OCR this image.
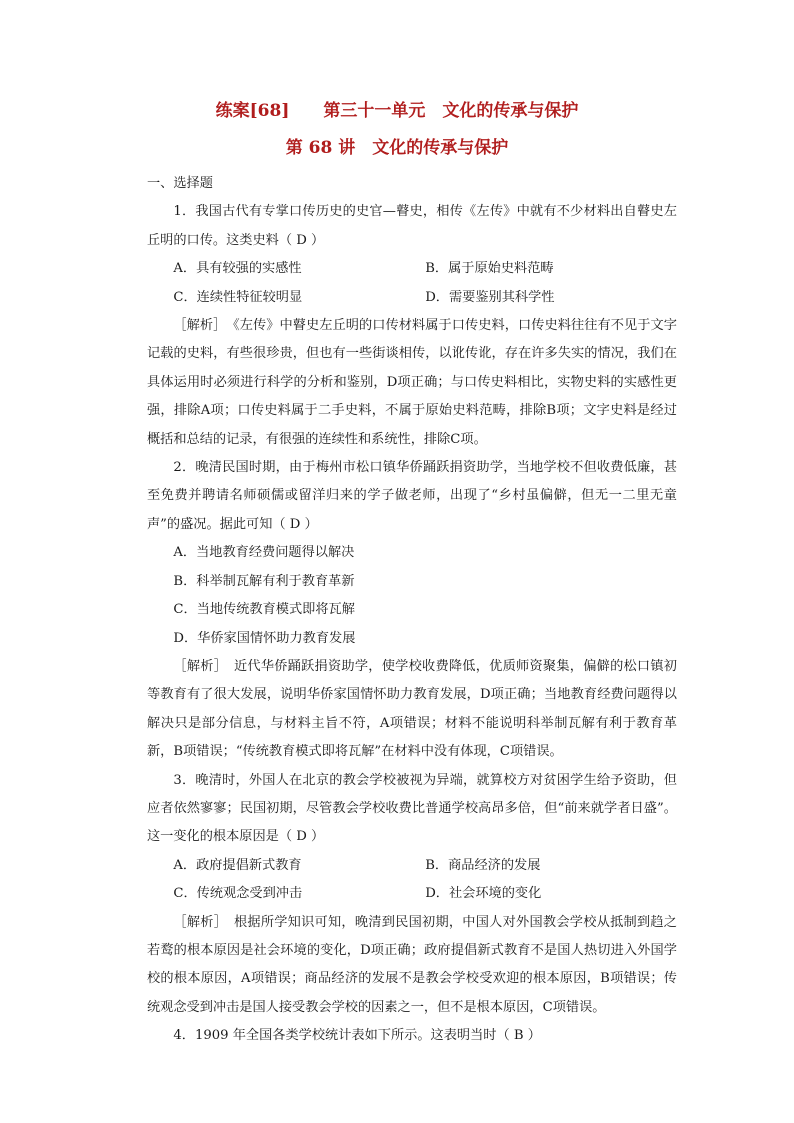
练案[68]　　第三十一单元　文化的传承与保护
第 68 讲　文化的传承与保护
一、选择题

1．我国古代有专掌口传历史的史官—瞽史，相传《左传》中就有不少材料出自瞽史左丘明的口传。这类史料（ D ）

A．具有较强的实感性	B．属于原始史料范畴
C．连续性特征较明显	D．需要鉴别其科学性

［解析］　《左传》中瞽史左丘明的口传材料属于口传史料，口传史料往往有不见于文字记载的史料，有些很珍贵，但也有一些街谈相传，以讹传讹，存在许多失实的情况，我们在具体运用时必须进行科学的分析和鉴别，D项正确；与口传史料相比，实物史料的实感性更强，排除A项；口传史料属于二手史料，不属于原始史料范畴，排除B项；文字史料是经过概括和总结的记录，有很强的连续性和系统性，排除C项。

2．晚清民国时期，由于梅州市松口镇华侨踊跃捐资助学，当地学校不但收费低廉，甚至免费并聘请名师硕儒或留洋归来的学子做老师，出现了“乡村虽偏僻，但无一二里无童声”的盛况。据此可知（ D ）

A．当地教育经费问题得以解决
B．科举制瓦解有利于教育革新
C．当地传统教育模式即将瓦解
D．华侨家国情怀助力教育发展

［解析］　近代华侨踊跃捐资助学，使学校收费降低，优质师资聚集，偏僻的松口镇初等教育有了很大发展，说明华侨家国情怀助力教育发展，D项正确；当地教育经费问题得以解决只是部分信息，与材料主旨不符，A项错误；材料不能说明科举制瓦解有利于教育革新，B项错误；“传统教育模式即将瓦解”在材料中没有体现，C项错误。

3．晚清时，外国人在北京的教会学校被视为异端，就算校方对贫困学生给予资助，但应者依然寥寥；民国初期，尽管教会学校收费比普通学校高昂多倍，但“前来就学者日盛”。这一变化的根本原因是（ D ）

A．政府提倡新式教育	B．商品经济的发展
C．传统观念受到冲击	D．社会环境的变化

［解析］　根据所学知识可知，晚清到民国初期，中国人对外国教会学校从抵制到趋之若鹜的根本原因是社会环境的变化，D项正确；政府提倡新式教育不是国人热切进入外国学校的根本原因，A项错误；商品经济的发展不是教会学校受欢迎的根本原因，B项错误；传统观念受到冲击是国人接受教会学校的因素之一，但不是根本原因，C项错误。

4．1909 年全国各类学校统计表如下所示。这表明当时（ B ）
